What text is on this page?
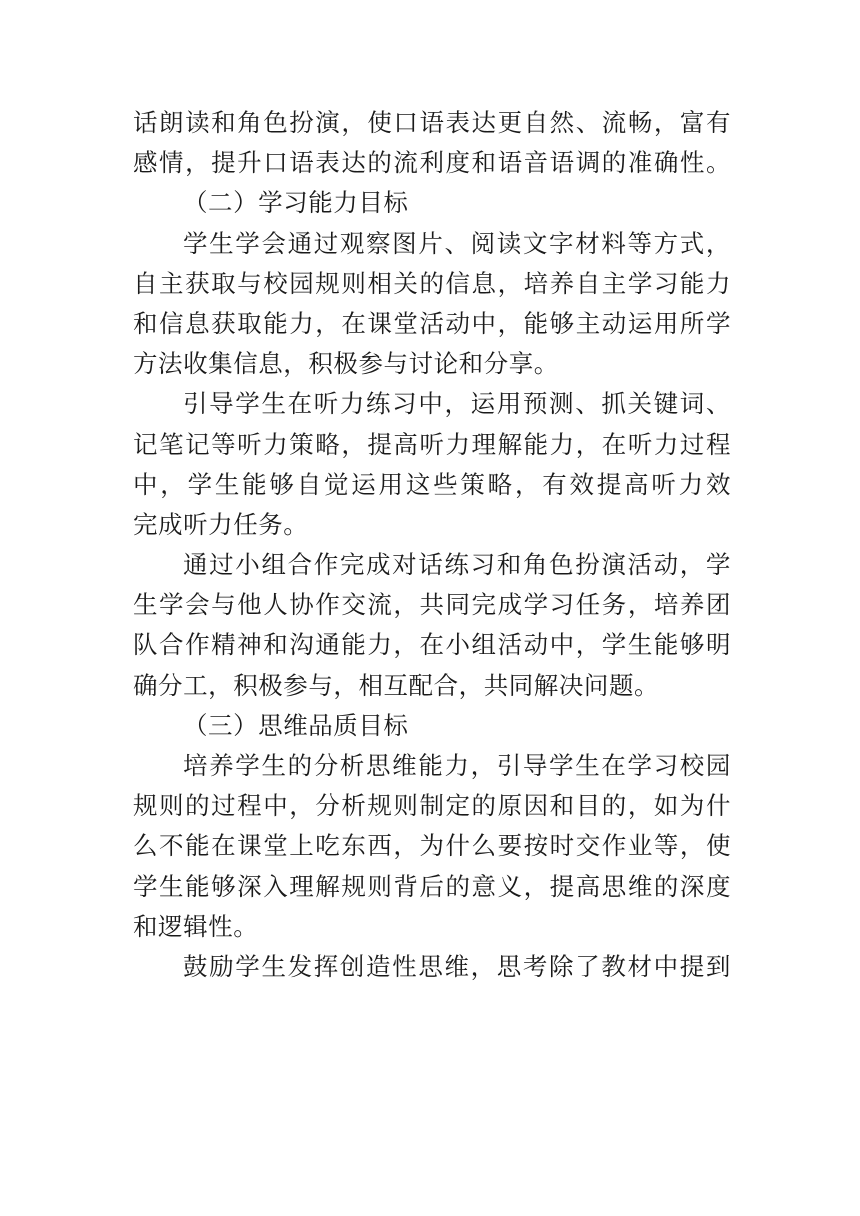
话朗读和角色扮演，使口语表达更自然、流畅，富有
感情，提升口语表达的流利度和语音语调的准确性。
（二）学习能力目标
学生学会通过观察图片、阅读文字材料等方式，
自主获取与校园规则相关的信息，培养自主学习能力
和信息获取能力，在课堂活动中，能够主动运用所学
方法收集信息，积极参与讨论和分享。
引导学生在听力练习中，运用预测、抓关键词、
记笔记等听力策略，提高听力理解能力，在听力过程
中，学生能够自觉运用这些策略，有效提高听力效
完成听力任务。
通过小组合作完成对话练习和角色扮演活动，学
生学会与他人协作交流，共同完成学习任务，培养团
队合作精神和沟通能力，在小组活动中，学生能够明
确分工，积极参与，相互配合，共同解决问题。
（三）思维品质目标
培养学生的分析思维能力，引导学生在学习校园
规则的过程中，分析规则制定的原因和目的，如为什
么不能在课堂上吃东西，为什么要按时交作业等，使
学生能够深入理解规则背后的意义，提高思维的深度
和逻辑性。
鼓励学生发挥创造性思维，思考除了教材中提到
